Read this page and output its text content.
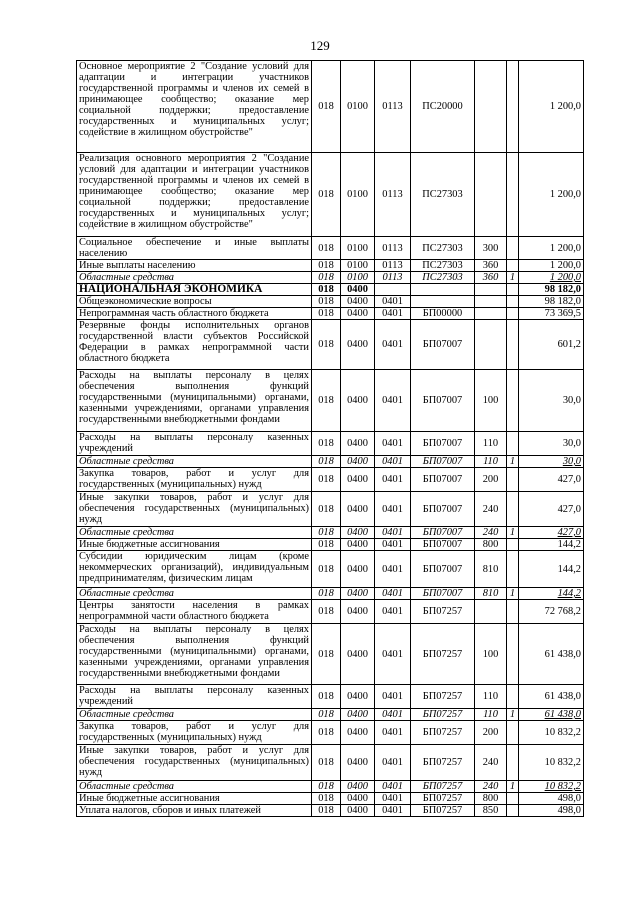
129
Основное мероприятие 2 "Создание условий для адаптации и интеграции участников государственной программы и членов их семей в принимающее сообщество; оказание мер социальной поддержки; предоставление государственных и муниципальных услуг; содействие в жилищном обустройстве"	018	0100	0113	ПС20000			1 200,0
Реализация основного мероприятия 2 "Создание условий для адаптации и интеграции участников государственной программы и членов их семей в принимающее сообщество; оказание мер социальной поддержки; предоставление государственных и муниципальных услуг; содействие в жилищном обустройстве"	018	0100	0113	ПС27303			1 200,0
Социальное обеспечение и иные выплаты населению	018	0100	0113	ПС27303	300		1 200,0
Иные выплаты населению	018	0100	0113	ПС27303	360		1 200,0
Областные средства	018	0100	0113	ПС27303	360	1	1 200,0
НАЦИОНАЛЬНАЯ ЭКОНОМИКА	018	0400					98 182,0
Общеэкономические вопросы	018	0400	0401				98 182,0
Непрограммная часть областного бюджета	018	0400	0401	БП00000			73 369,5
Резервные фонды исполнительных органов государственной власти субъектов Российской Федерации в рамках непрограммной части областного бюджета	018	0400	0401	БП07007			601,2
Расходы на выплаты персоналу в целях обеспечения выполнения функций государственными (муниципальными) органами, казенными учреждениями, органами управления государственными внебюджетными фондами	018	0400	0401	БП07007	100		30,0
Расходы на выплаты персоналу казенных учреждений	018	0400	0401	БП07007	110		30,0
Областные средства	018	0400	0401	БП07007	110	1	30,0
Закупка товаров, работ и услуг для государственных (муниципальных) нужд	018	0400	0401	БП07007	200		427,0
Иные закупки товаров, работ и услуг для обеспечения государственных (муниципальных) нужд	018	0400	0401	БП07007	240		427,0
Областные средства	018	0400	0401	БП07007	240	1	427,0
Иные бюджетные ассигнования	018	0400	0401	БП07007	800		144,2
Субсидии юридическим лицам (кроме некоммерческих организаций), индивидуальным предпринимателям, физическим лицам	018	0400	0401	БП07007	810		144,2
Областные средства	018	0400	0401	БП07007	810	1	144,2
Центры занятости населения в рамках непрограммной части областного бюджета	018	0400	0401	БП07257			72 768,2
Расходы на выплаты персоналу в целях обеспечения выполнения функций государственными (муниципальными) органами, казенными учреждениями, органами управления государственными внебюджетными фондами	018	0400	0401	БП07257	100		61 438,0
Расходы на выплаты персоналу казенных учреждений	018	0400	0401	БП07257	110		61 438,0
Областные средства	018	0400	0401	БП07257	110	1	61 438,0
Закупка товаров, работ и услуг для государственных (муниципальных) нужд	018	0400	0401	БП07257	200		10 832,2
Иные закупки товаров, работ и услуг для обеспечения государственных (муниципальных) нужд	018	0400	0401	БП07257	240		10 832,2
Областные средства	018	0400	0401	БП07257	240	1	10 832,2
Иные бюджетные ассигнования	018	0400	0401	БП07257	800		498,0
Уплата налогов, сборов и иных платежей	018	0400	0401	БП07257	850		498,0
